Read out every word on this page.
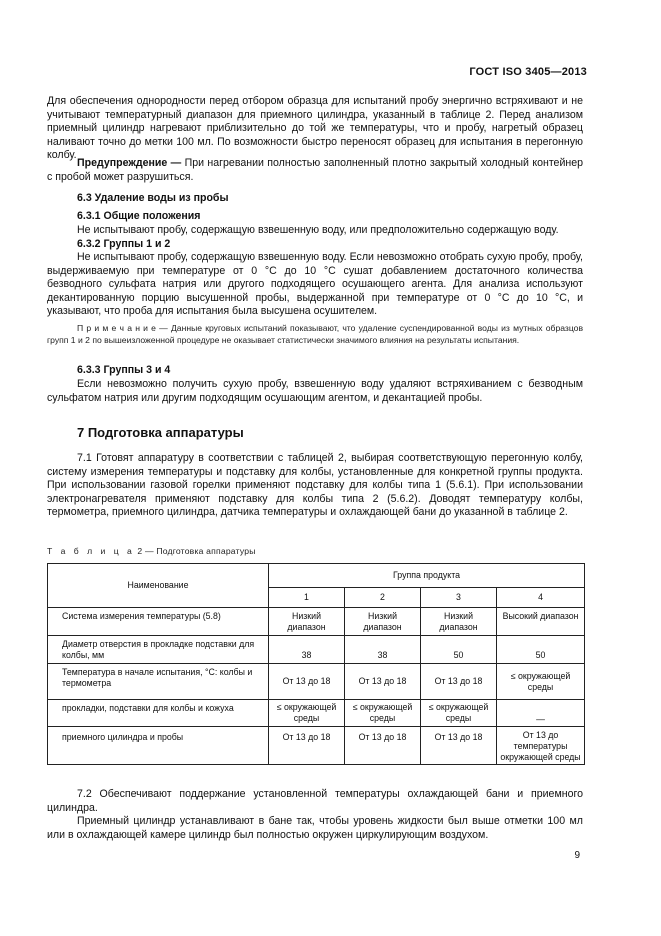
ГОСТ ISO 3405—2013
Для обеспечения однородности перед отбором образца для испытаний пробу энергично встряхивают и не учитывают температурный диапазон для приемного цилиндра, указанный в таблице 2. Перед анализом приемный цилиндр нагревают приблизительно до той же температуры, что и пробу, нагретый образец наливают точно до метки 100 мл. По возможности быстро переносят образец для испытания в перегонную колбу.
Предупреждение — При нагревании полностью заполненный плотно закрытый холодный контейнер с пробой может разрушиться.
6.3 Удаление воды из пробы
6.3.1 Общие положения
Не испытывают пробу, содержащую взвешенную воду, или предположительно содержащую воду.
6.3.2 Группы 1 и 2
Не испытывают пробу, содержащую взвешенную воду. Если невозможно отобрать сухую пробу, пробу, выдерживаемую при температуре от 0 °C до 10 °C сушат добавлением достаточного количества безводного сульфата натрия или другого подходящего осушающего агента. Для анализа используют декантированную порцию высушенной пробы, выдержанной при температуре от 0 °C до 10 °C, и указывают, что проба для испытания была высушена осушителем.
П р и м е ч а н и е — Данные круговых испытаний показывают, что удаление суспендированной воды из мутных образцов групп 1 и 2 по вышеизложенной процедуре не оказывает статистически значимого влияния на результаты испытания.
6.3.3 Группы 3 и 4
Если невозможно получить сухую пробу, взвешенную воду удаляют встряхиванием с безводным сульфатом натрия или другим подходящим осушающим агентом, и декантацией пробы.
7 Подготовка аппаратуры
7.1 Готовят аппаратуру в соответствии с таблицей 2, выбирая соответствующую перегонную колбу, систему измерения температуры и подставку для колбы, установленные для конкретной группы продукта. При использовании газовой горелки применяют подставку для колбы типа 1 (5.6.1). При использовании электронагревателя применяют подставку для колбы типа 2 (5.6.2). Доводят температуру колбы, термометра, приемного цилиндра, датчика температуры и охлаждающей бани до указанной в таблице 2.
Т а б л и ц а 2 — Подготовка аппаратуры
Наименование	Группа продукта			
	1	2	3	4
Система измерения температуры (5.8)	Низкий диапазон	Низкий диапазон	Низкий диапазон	Высокий диапазон
Диаметр отверстия в прокладке подставки для колбы, мм	38	38	50	50
Температура в начале испытания, °С: колбы и термометра	От 13 до 18	От 13 до 18	От 13 до 18	≤ окружающей среды
прокладки, подставки для колбы и кожуха	≤ окружающей среды	≤ окружающей среды	≤ окружающей среды	—
приемного цилиндра и пробы	От 13 до 18	От 13 до 18	От 13 до 18	От 13 до температуры окружающей среды
7.2 Обеспечивают поддержание установленной температуры охлаждающей бани и приемного цилиндра.
Приемный цилиндр устанавливают в бане так, чтобы уровень жидкости был выше отметки 100 мл или в охлаждающей камере цилиндр был полностью окружен циркулирующим воздухом.
9
